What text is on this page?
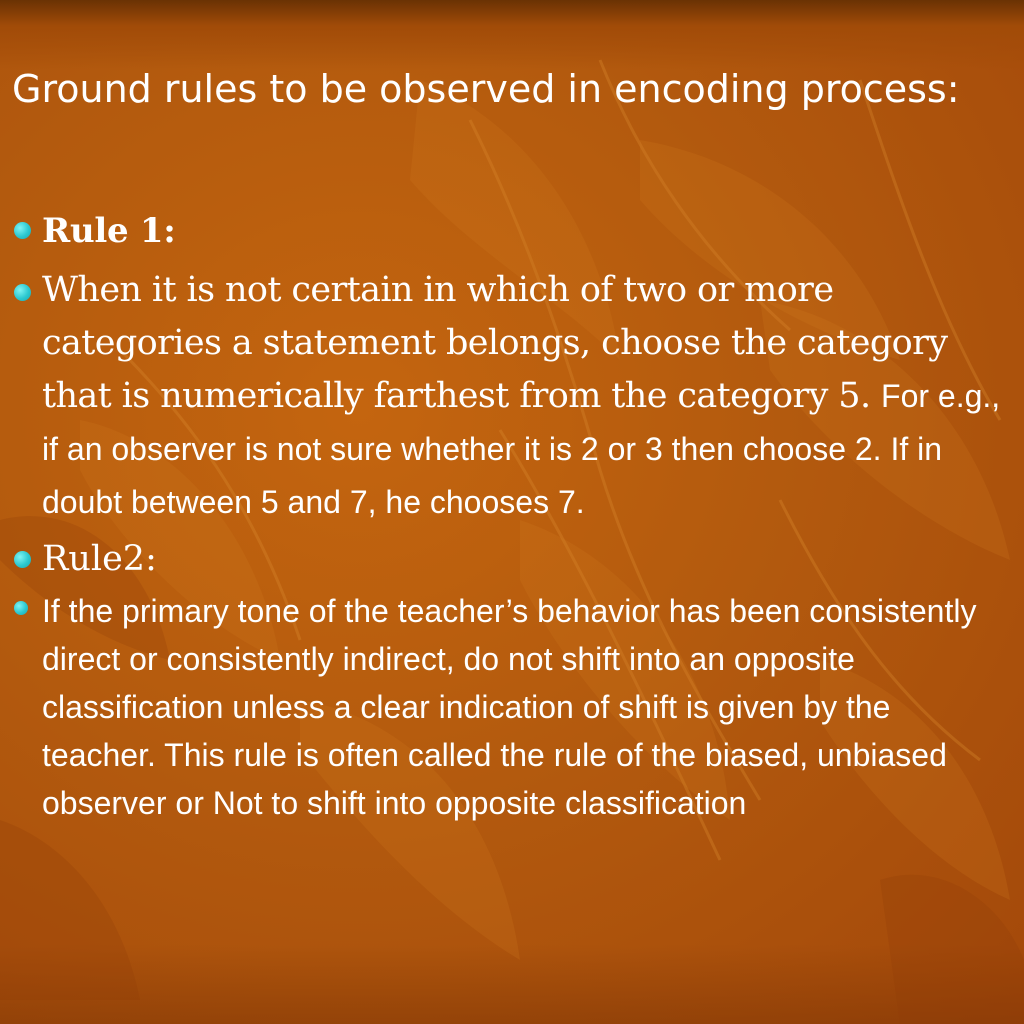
Ground rules to be observed in encoding process:
Rule 1:
When it is not certain in which of two or more categories a statement belongs, choose the category that is numerically farthest from the category 5. For e.g., if an observer is not sure whether it is 2 or 3 then choose 2. If in doubt between 5 and 7, he chooses 7.
Rule2:
If the primary tone of the teacher’s behavior has been consistently direct or consistently indirect, do not shift into an opposite classification unless a clear indication of shift is given by the teacher. This rule is often called the rule of the biased, unbiased observer or Not to shift into opposite classification
